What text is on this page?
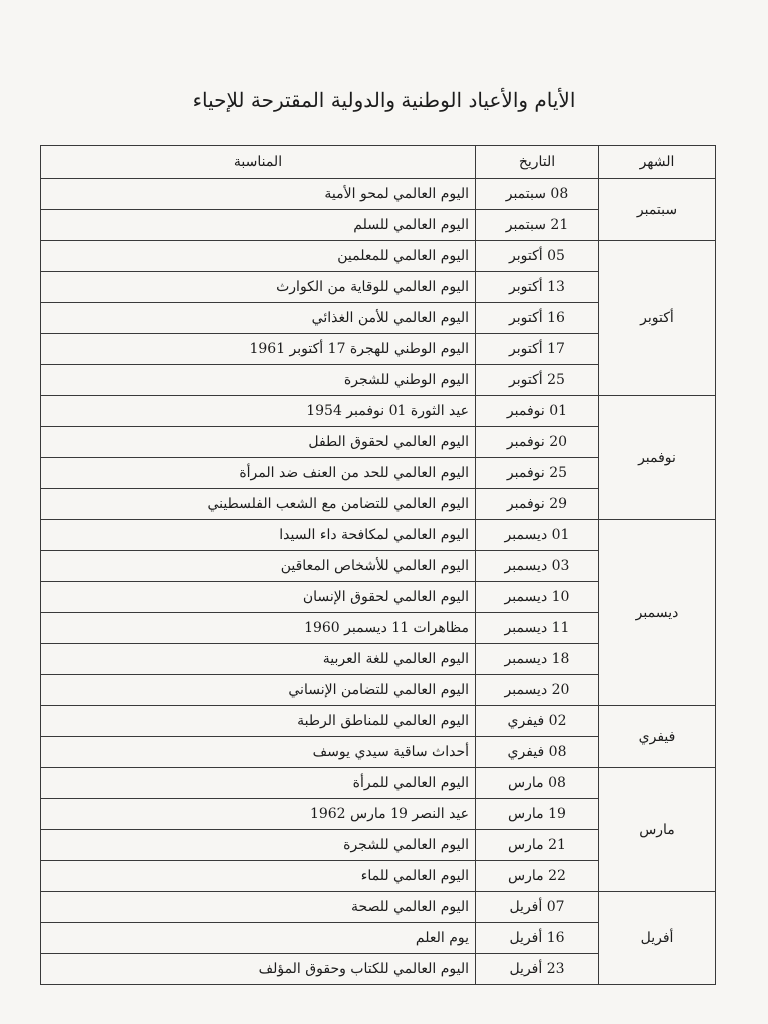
الأيام والأعياد الوطنية والدولية المقترحة للإحياء
الشهر	التاريخ	المناسبة
سبتمبر	08 سبتمبر	اليوم العالمي لمحو الأمية
	21 سبتمبر	اليوم العالمي للسلم
أكتوبر	05 أكتوبر	اليوم العالمي للمعلمين
	13 أكتوبر	اليوم العالمي للوقاية من الكوارث
	16 أكتوبر	اليوم العالمي للأمن الغذائي
	17 أكتوبر	اليوم الوطني للهجرة 17 أكتوبر 1961
	25 أكتوبر	اليوم الوطني للشجرة
نوفمبر	01 نوفمبر	عيد الثورة 01 نوفمبر 1954
	20 نوفمبر	اليوم العالمي لحقوق الطفل
	25 نوفمبر	اليوم العالمي للحد من العنف ضد المرأة
	29 نوفمبر	اليوم العالمي للتضامن مع الشعب الفلسطيني
ديسمبر	01 ديسمبر	اليوم العالمي لمكافحة داء السيدا
	03 ديسمبر	اليوم العالمي للأشخاص المعاقين
	10 ديسمبر	اليوم العالمي لحقوق الإنسان
	11 ديسمبر	مظاهرات 11 ديسمبر 1960
	18 ديسمبر	اليوم العالمي للغة العربية
	20 ديسمبر	اليوم العالمي للتضامن الإنساني
فيفري	02 فيفري	اليوم العالمي للمناطق الرطبة
	08 فيفري	أحداث ساقية سيدي يوسف
مارس	08 مارس	اليوم العالمي للمرأة
	19 مارس	عيد النصر 19 مارس 1962
	21 مارس	اليوم العالمي للشجرة
	22 مارس	اليوم العالمي للماء
أفريل	07 أفريل	اليوم العالمي للصحة
	16 أفريل	يوم العلم
	23 أفريل	اليوم العالمي للكتاب وحقوق المؤلف
